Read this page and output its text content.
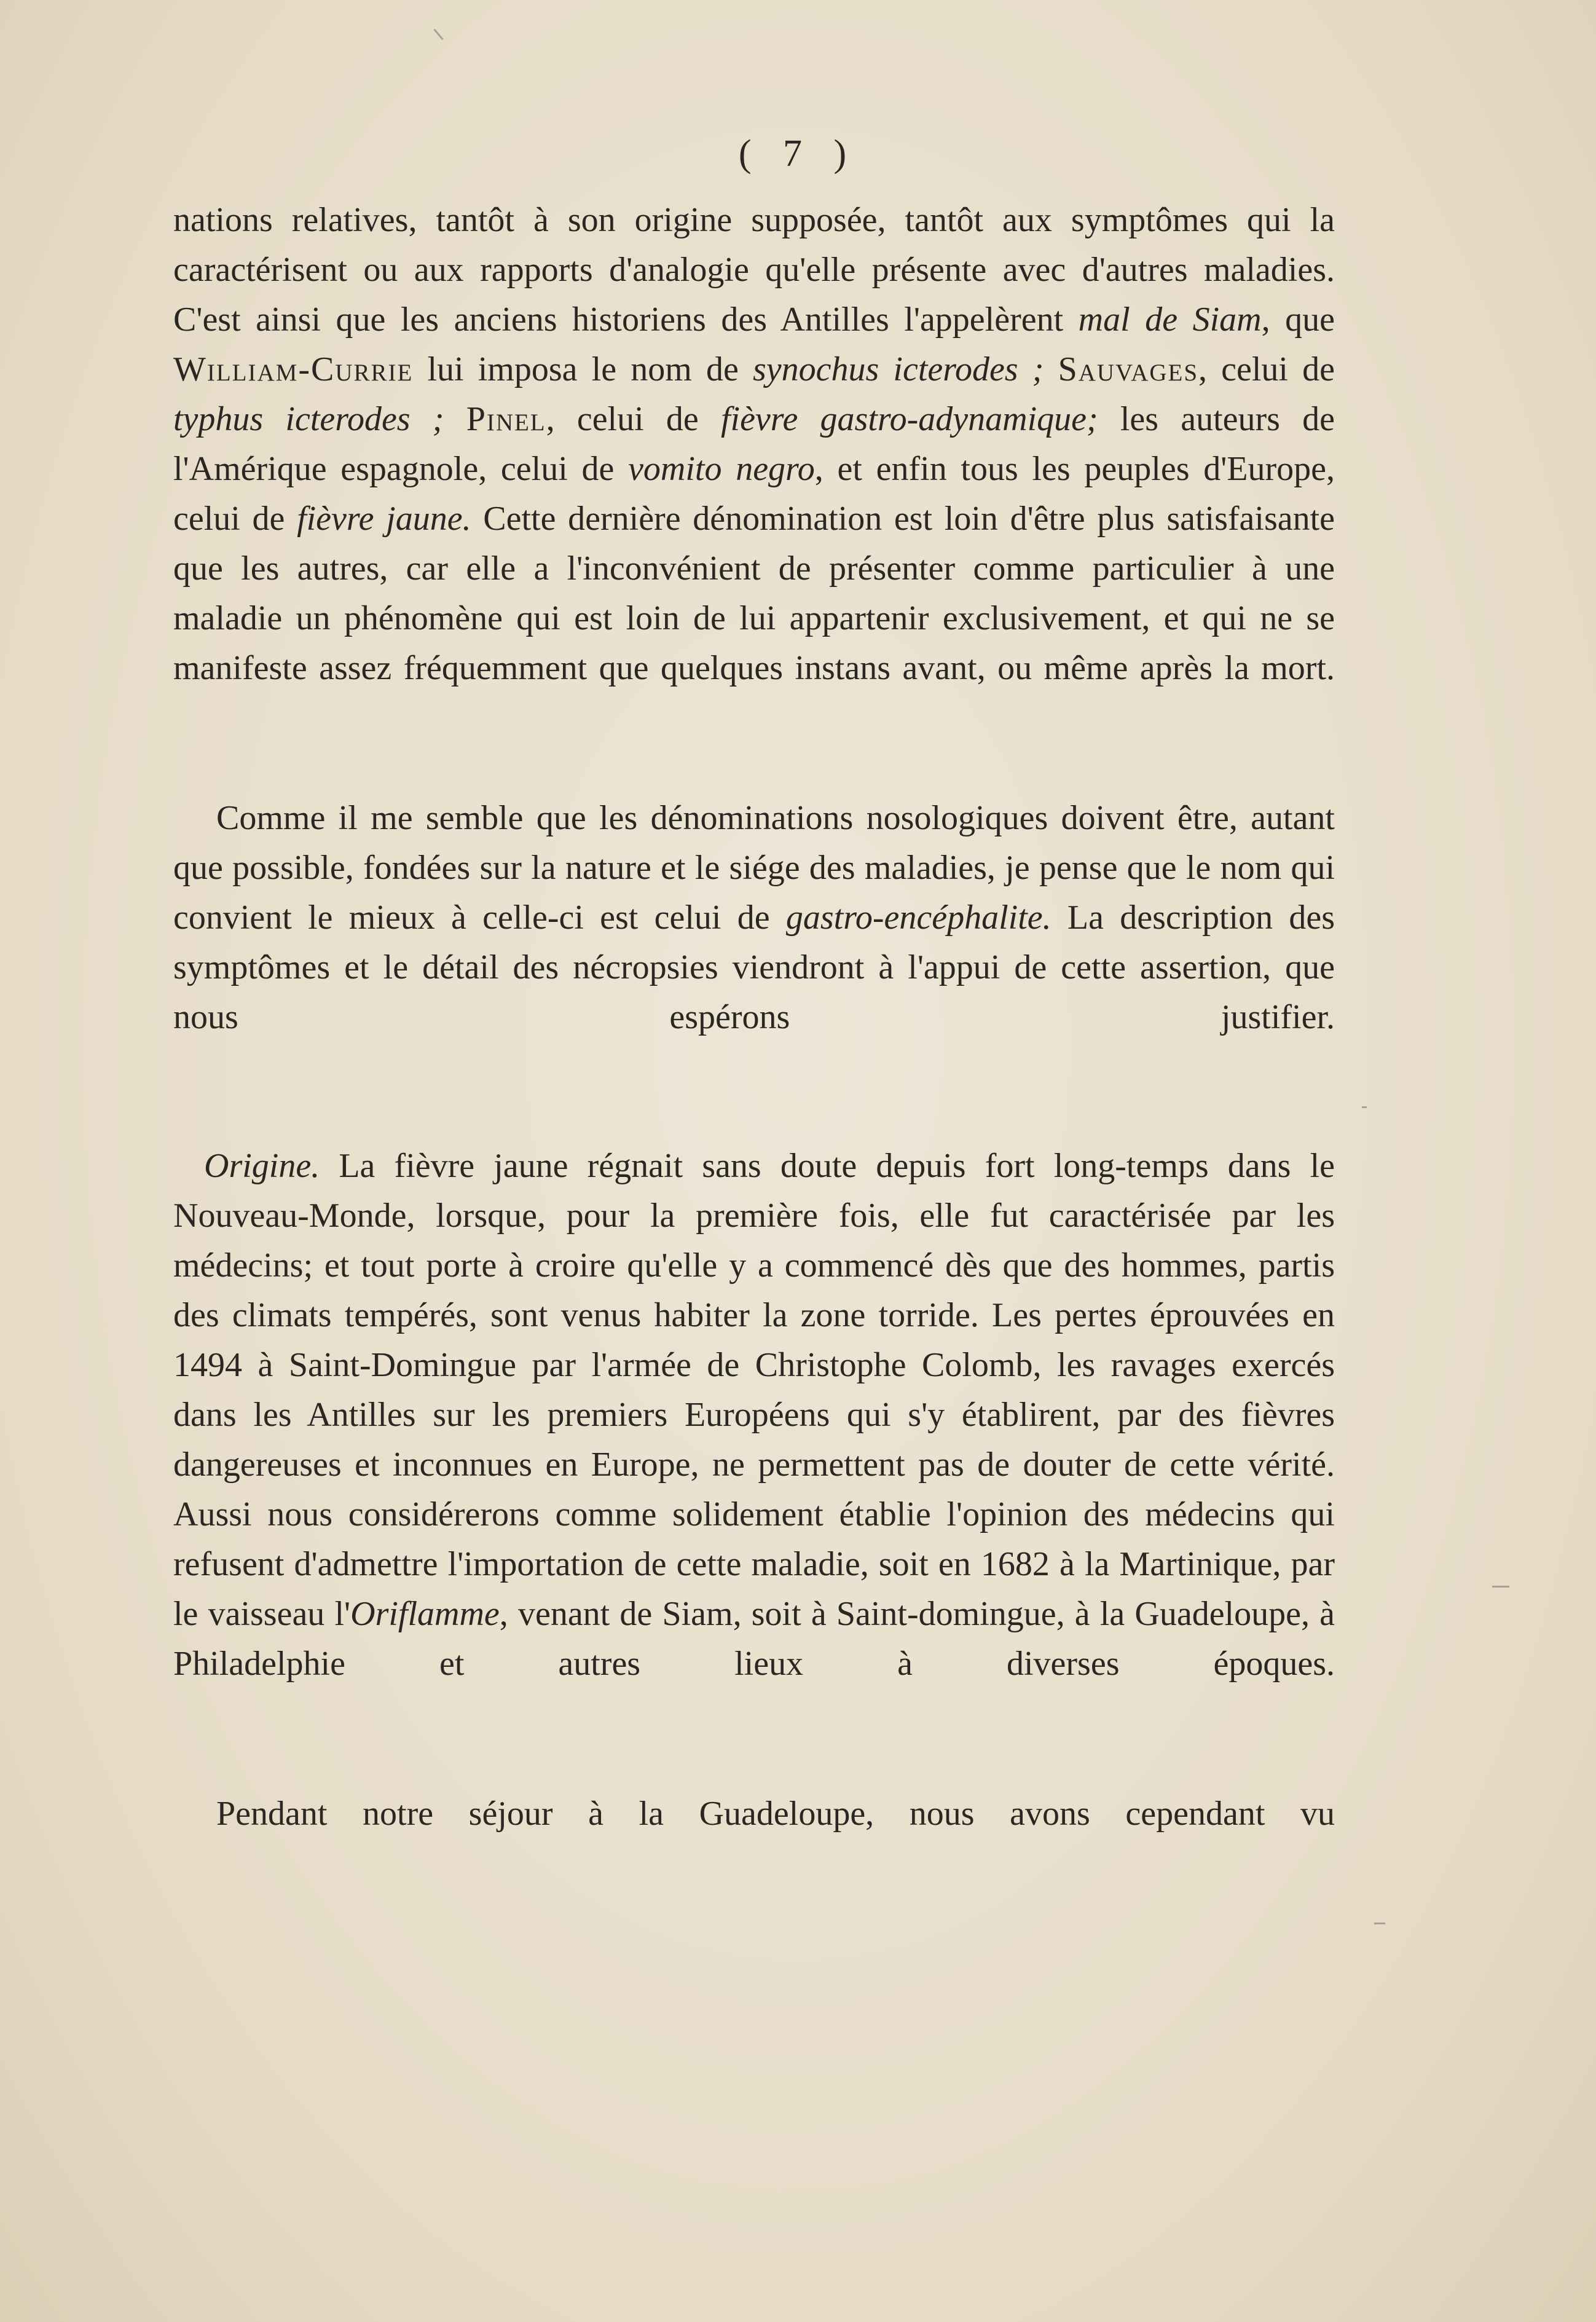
( 7 )
nations relatives, tantôt à son origine supposée, tantôt aux symptômes qui la caractérisent ou aux rapports d'analogie qu'elle présente avec d'autres maladies. C'est ainsi que les anciens historiens des Antilles l'appelèrent mal de Siam, que William-Currie lui imposa le nom de synochus icterodes ; Sauvages, celui de typhus icterodes ; Pinel, celui de fièvre gastro-adynamique; les auteurs de l'Amérique espagnole, celui de vomito negro, et enfin tous les peuples d'Europe, celui de fièvre jaune. Cette dernière dénomination est loin d'être plus satisfaisante que les autres, car elle a l'inconvénient de présenter comme particulier à une maladie un phénomène qui est loin de lui appartenir exclusivement, et qui ne se manifeste assez fréquemment que quelques instans avant, ou même après la mort.
Comme il me semble que les dénominations nosologiques doivent être, autant que possible, fondées sur la nature et le siége des maladies, je pense que le nom qui convient le mieux à celle-ci est celui de gastro-encéphalite. La description des symptômes et le détail des nécropsies viendront à l'appui de cette assertion, que nous espérons justifier.
Origine. La fièvre jaune régnait sans doute depuis fort long-temps dans le Nouveau-Monde, lorsque, pour la première fois, elle fut caractérisée par les médecins; et tout porte à croire qu'elle y a commencé dès que des hommes, partis des climats tempérés, sont venus habiter la zone torride. Les pertes éprouvées en 1494 à Saint-Domingue par l'armée de Christophe Colomb, les ravages exercés dans les Antilles sur les premiers Européens qui s'y établirent, par des fièvres dangereuses et inconnues en Europe, ne permettent pas de douter de cette vérité. Aussi nous considérerons comme solidement établie l'opinion des médecins qui refusent d'admettre l'importation de cette maladie, soit en 1682 à la Martinique, par le vaisseau l'Oriflamme, venant de Siam, soit à Saint-domingue, à la Guadeloupe, à Philadelphie et autres lieux à diverses époques.
Pendant notre séjour à la Guadeloupe, nous avons cependant vu
